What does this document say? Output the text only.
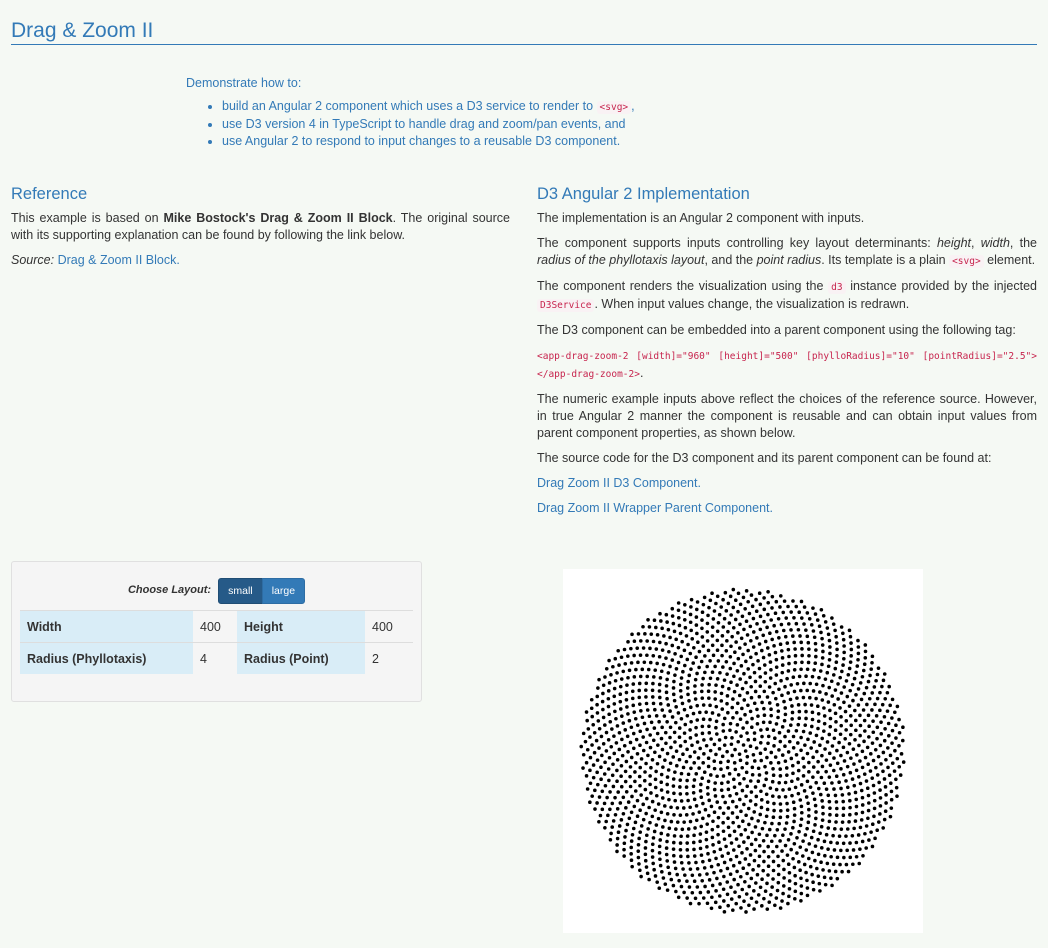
Drag & Zoom II

Demonstrate how to:

• build an Angular 2 component which uses a D3 service to render to <svg> ,
• use D3 version 4 in TypeScript to handle drag and zoom/pan events, and
• use Angular 2 to respond to input changes to a reusable D3 component.
Reference

This example is based on Mike Bostock's Drag & Zoom II Block. The original source with its supporting explanation can be found by following the link below.

Source: Drag & Zoom II Block.

D3 Angular 2 Implementation

The implementation is an Angular 2 component with inputs.

The component supports inputs controlling key layout determinants: height, width, the radius of the phyllotaxis layout, and the point radius. Its template is a plain <svg> element.

The component renders the visualization using the d3 instance provided by the injected D3Service . When input values change, the visualization is redrawn.

The D3 component can be embedded into a parent component using the following tag:

<app-drag-zoom-2 [width]="960" [height]="500" [phylloRadius]="10" [pointRadius]="2.5"></app-drag-zoom-2>.

The numeric example inputs above reflect the choices of the reference source. However, in true Angular 2 manner the component is reusable and can obtain input values from parent component properties, as shown below.

The source code for the D3 component and its parent component can be found at:

Drag Zoom II D3 Component.

Drag Zoom II Wrapper Parent Component.

Choose Layout: small large
Width	400	Height	400
Radius (Phyllotaxis)	4	Radius (Point)	2
